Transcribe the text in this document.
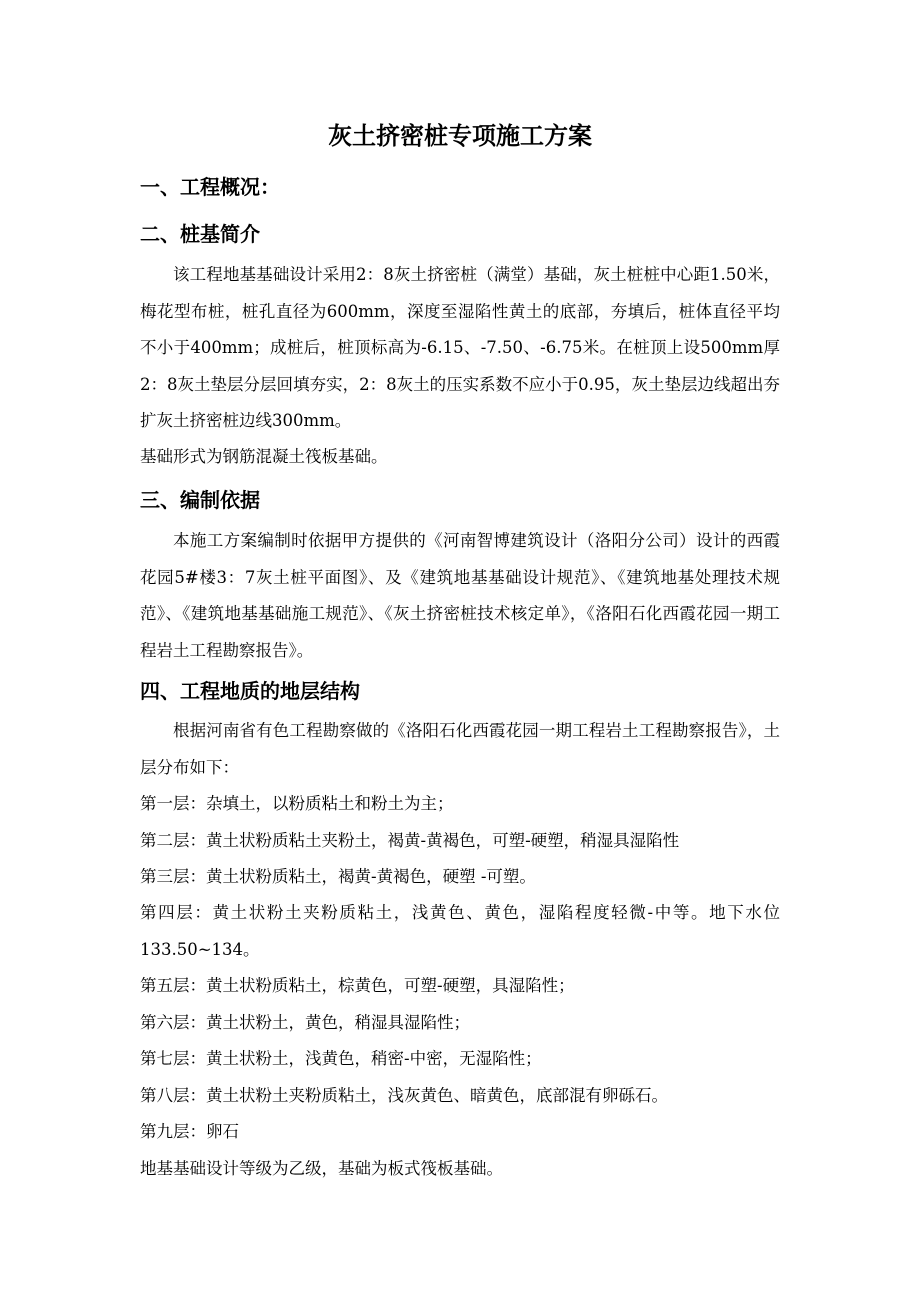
灰土挤密桩专项施工方案
一、工程概况：
二、桩基简介

该工程地基基础设计采用2：8灰土挤密桩（满堂）基础，灰土桩桩中心距1.50米，梅花型布桩，桩孔直径为600mm，深度至湿陷性黄土的底部，夯填后，桩体直径平均不小于400mm；成桩后，桩顶标高为-6.15、-7.50、-6.75米。在桩顶上设500mm厚2：8灰土垫层分层回填夯实，2：8灰土的压实系数不应小于0.95，灰土垫层边线超出夯扩灰土挤密桩边线300mm。

基础形式为钢筋混凝土筏板基础。

三、编制依据

本施工方案编制时依据甲方提供的《河南智博建筑设计（洛阳分公司）设计的西霞花园5#楼3：7灰土桩平面图》、及《建筑地基基础设计规范》、《建筑地基处理技术规范》、《建筑地基基础施工规范》、《灰土挤密桩技术核定单》，《洛阳石化西霞花园一期工程岩土工程勘察报告》。

四、工程地质的地层结构

根据河南省有色工程勘察做的《洛阳石化西霞花园一期工程岩土工程勘察报告》，土层分布如下：

第一层：杂填土，以粉质粘土和粉土为主；

第二层：黄土状粉质粘土夹粉土，褐黄-黄褐色，可塑-硬塑，稍湿具湿陷性

第三层：黄土状粉质粘土，褐黄-黄褐色，硬塑 -可塑。

第四层：黄土状粉土夹粉质粘土，浅黄色、黄色，湿陷程度轻微-中等。地下水位133.50~134。

第五层：黄土状粉质粘土，棕黄色，可塑-硬塑，具湿陷性；

第六层：黄土状粉土，黄色，稍湿具湿陷性；

第七层：黄土状粉土，浅黄色，稍密-中密，无湿陷性；

第八层：黄土状粉土夹粉质粘土，浅灰黄色、暗黄色，底部混有卵砾石。

第九层：卵石

地基基础设计等级为乙级，基础为板式筏板基础。
